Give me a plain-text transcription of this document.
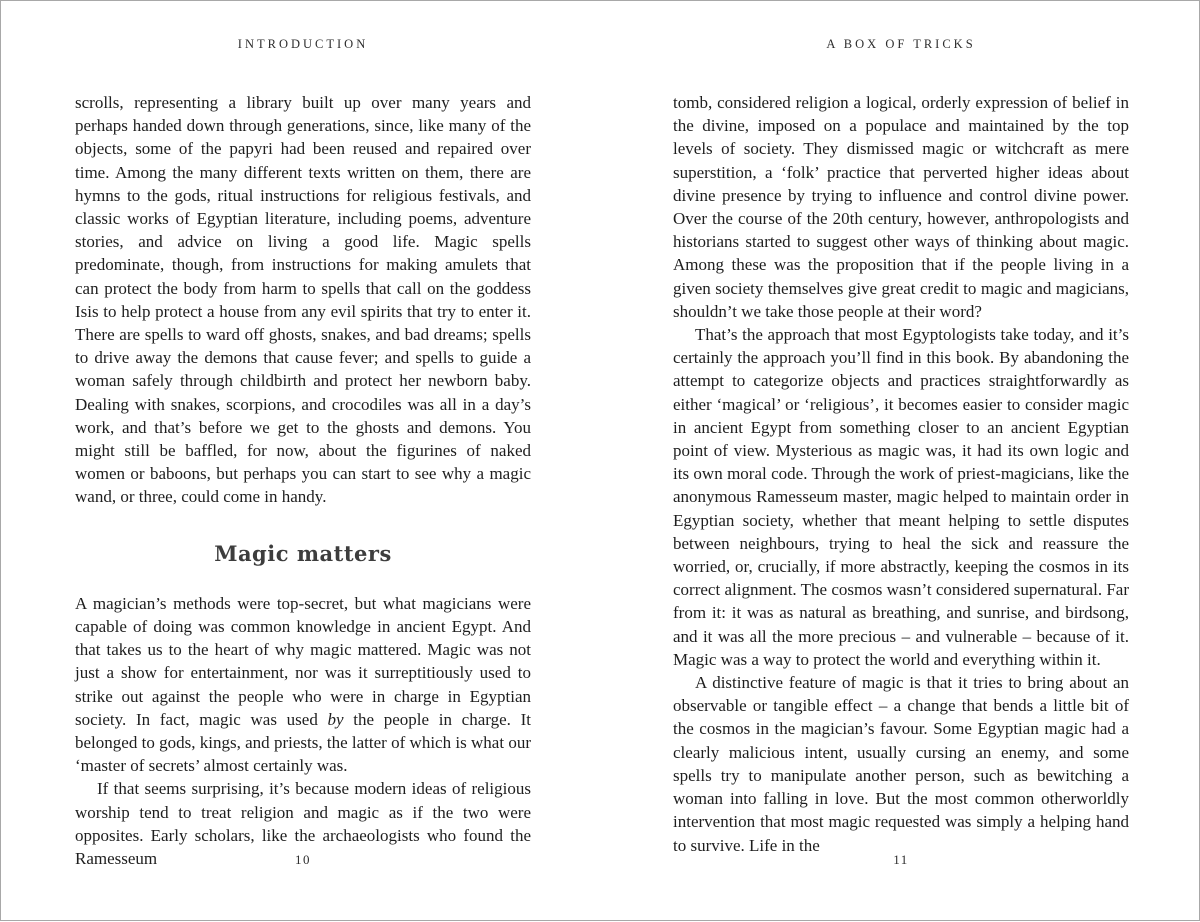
INTRODUCTION

scrolls, representing a library built up over many years and perhaps handed down through generations, since, like many of the objects, some of the papyri had been reused and repaired over time. Among the many different texts written on them, there are hymns to the gods, ritual instructions for religious festivals, and classic works of Egyptian literature, including poems, adventure stories, and advice on living a good life. Magic spells predominate, though, from instructions for making amulets that can protect the body from harm to spells that call on the goddess Isis to help protect a house from any evil spirits that try to enter it. There are spells to ward off ghosts, snakes, and bad dreams; spells to drive away the demons that cause fever; and spells to guide a woman safely through childbirth and protect her newborn baby. Dealing with snakes, scorpions, and crocodiles was all in a day’s work, and that’s before we get to the ghosts and demons. You might still be baffled, for now, about the figurines of naked women or baboons, but perhaps you can start to see why a magic wand, or three, could come in handy.

Magic matters

A magician’s methods were top-secret, but what magicians were capable of doing was common knowledge in ancient Egypt. And that takes us to the heart of why magic mattered. Magic was not just a show for entertainment, nor was it surreptitiously used to strike out against the people who were in charge in Egyptian society. In fact, magic was used by the people in charge. It belonged to gods, kings, and priests, the latter of which is what our ‘master of secrets’ almost certainly was.

If that seems surprising, it’s because modern ideas of religious worship tend to treat religion and magic as if the two were opposites. Early scholars, like the archaeologists who found the Ramesseum	10
A BOX OF TRICKS

tomb, considered religion a logical, orderly expression of belief in the divine, imposed on a populace and maintained by the top levels of society. They dismissed magic or witchcraft as mere superstition, a ‘folk’ practice that perverted higher ideas about divine presence by trying to influence and control divine power. Over the course of the 20th century, however, anthropologists and historians started to suggest other ways of thinking about magic. Among these was the proposition that if the people living in a given society themselves give great credit to magic and magicians, shouldn’t we take those people at their word?

That’s the approach that most Egyptologists take today, and it’s certainly the approach you’ll find in this book. By abandoning the attempt to categorize objects and practices straightforwardly as either ‘magical’ or ‘religious’, it becomes easier to consider magic in ancient Egypt from something closer to an ancient Egyptian point of view. Mysterious as magic was, it had its own logic and its own moral code. Through the work of priest-magicians, like the anonymous Ramesseum master, magic helped to maintain order in Egyptian society, whether that meant helping to settle disputes between neighbours, trying to heal the sick and reassure the worried, or, crucially, if more abstractly, keeping the cosmos in its correct alignment. The cosmos wasn’t considered supernatural. Far from it: it was as natural as breathing, and sunrise, and birdsong, and it was all the more precious – and vulnerable – because of it. Magic was a way to protect the world and everything within it.

A distinctive feature of magic is that it tries to bring about an observable or tangible effect – a change that bends a little bit of the cosmos in the magician’s favour. Some Egyptian magic had a clearly malicious intent, usually cursing an enemy, and some spells try to manipulate another person, such as bewitching a woman into falling in love. But the most common otherworldly intervention that most magic requested was simply a helping hand to survive. Life in the

11
